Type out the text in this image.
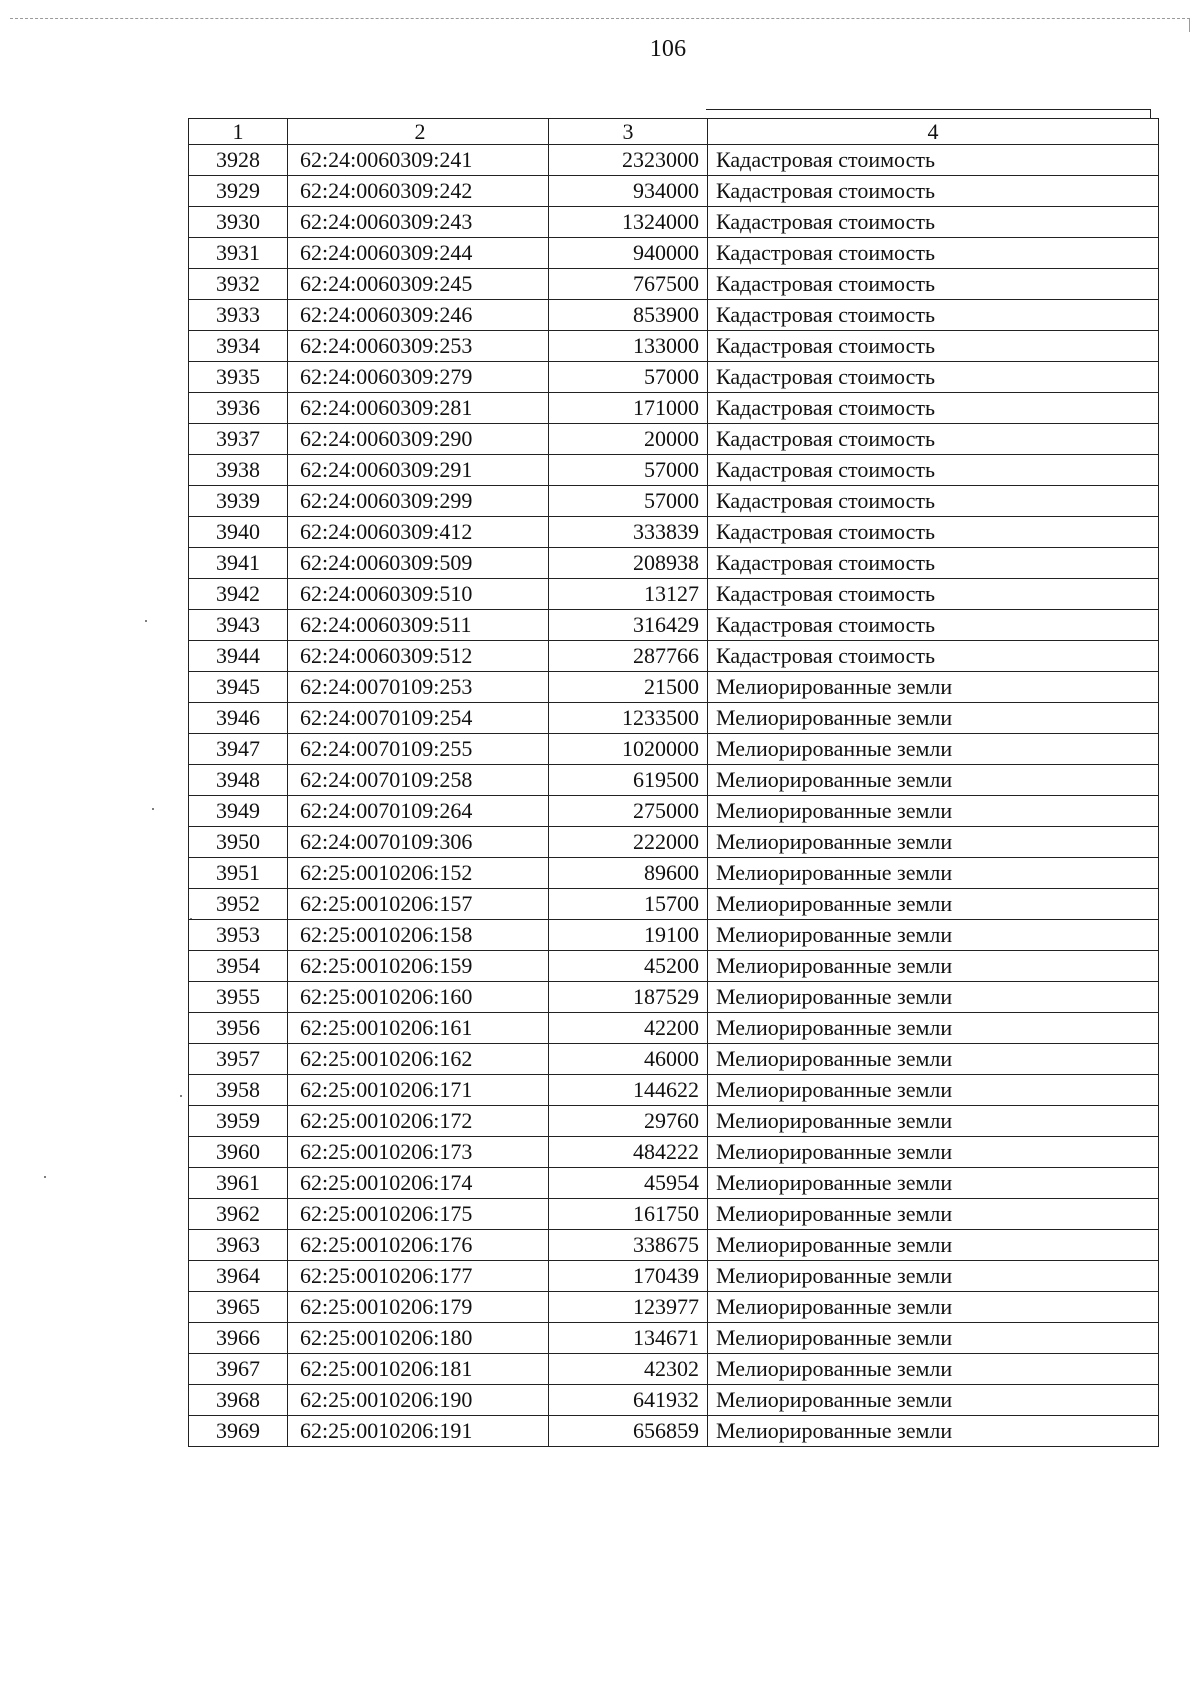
106
1	2	3	4
3928	62:24:0060309:241	2323000	Кадастровая стоимость
3929	62:24:0060309:242	934000	Кадастровая стоимость
3930	62:24:0060309:243	1324000	Кадастровая стоимость
3931	62:24:0060309:244	940000	Кадастровая стоимость
3932	62:24:0060309:245	767500	Кадастровая стоимость
3933	62:24:0060309:246	853900	Кадастровая стоимость
3934	62:24:0060309:253	133000	Кадастровая стоимость
3935	62:24:0060309:279	57000	Кадастровая стоимость
3936	62:24:0060309:281	171000	Кадастровая стоимость
3937	62:24:0060309:290	20000	Кадастровая стоимость
3938	62:24:0060309:291	57000	Кадастровая стоимость
3939	62:24:0060309:299	57000	Кадастровая стоимость
3940	62:24:0060309:412	333839	Кадастровая стоимость
3941	62:24:0060309:509	208938	Кадастровая стоимость
3942	62:24:0060309:510	13127	Кадастровая стоимость
3943	62:24:0060309:511	316429	Кадастровая стоимость
3944	62:24:0060309:512	287766	Кадастровая стоимость
3945	62:24:0070109:253	21500	Мелиорированные земли
3946	62:24:0070109:254	1233500	Мелиорированные земли
3947	62:24:0070109:255	1020000	Мелиорированные земли
3948	62:24:0070109:258	619500	Мелиорированные земли
3949	62:24:0070109:264	275000	Мелиорированные земли
3950	62:24:0070109:306	222000	Мелиорированные земли
3951	62:25:0010206:152	89600	Мелиорированные земли
3952	62:25:0010206:157	15700	Мелиорированные земли
3953	62:25:0010206:158	19100	Мелиорированные земли
3954	62:25:0010206:159	45200	Мелиорированные земли
3955	62:25:0010206:160	187529	Мелиорированные земли
3956	62:25:0010206:161	42200	Мелиорированные земли
3957	62:25:0010206:162	46000	Мелиорированные земли
3958	62:25:0010206:171	144622	Мелиорированные земли
3959	62:25:0010206:172	29760	Мелиорированные земли
3960	62:25:0010206:173	484222	Мелиорированные земли
3961	62:25:0010206:174	45954	Мелиорированные земли
3962	62:25:0010206:175	161750	Мелиорированные земли
3963	62:25:0010206:176	338675	Мелиорированные земли
3964	62:25:0010206:177	170439	Мелиорированные земли
3965	62:25:0010206:179	123977	Мелиорированные земли
3966	62:25:0010206:180	134671	Мелиорированные земли
3967	62:25:0010206:181	42302	Мелиорированные земли
3968	62:25:0010206:190	641932	Мелиорированные земли
3969	62:25:0010206:191	656859	Мелиорированные земли
